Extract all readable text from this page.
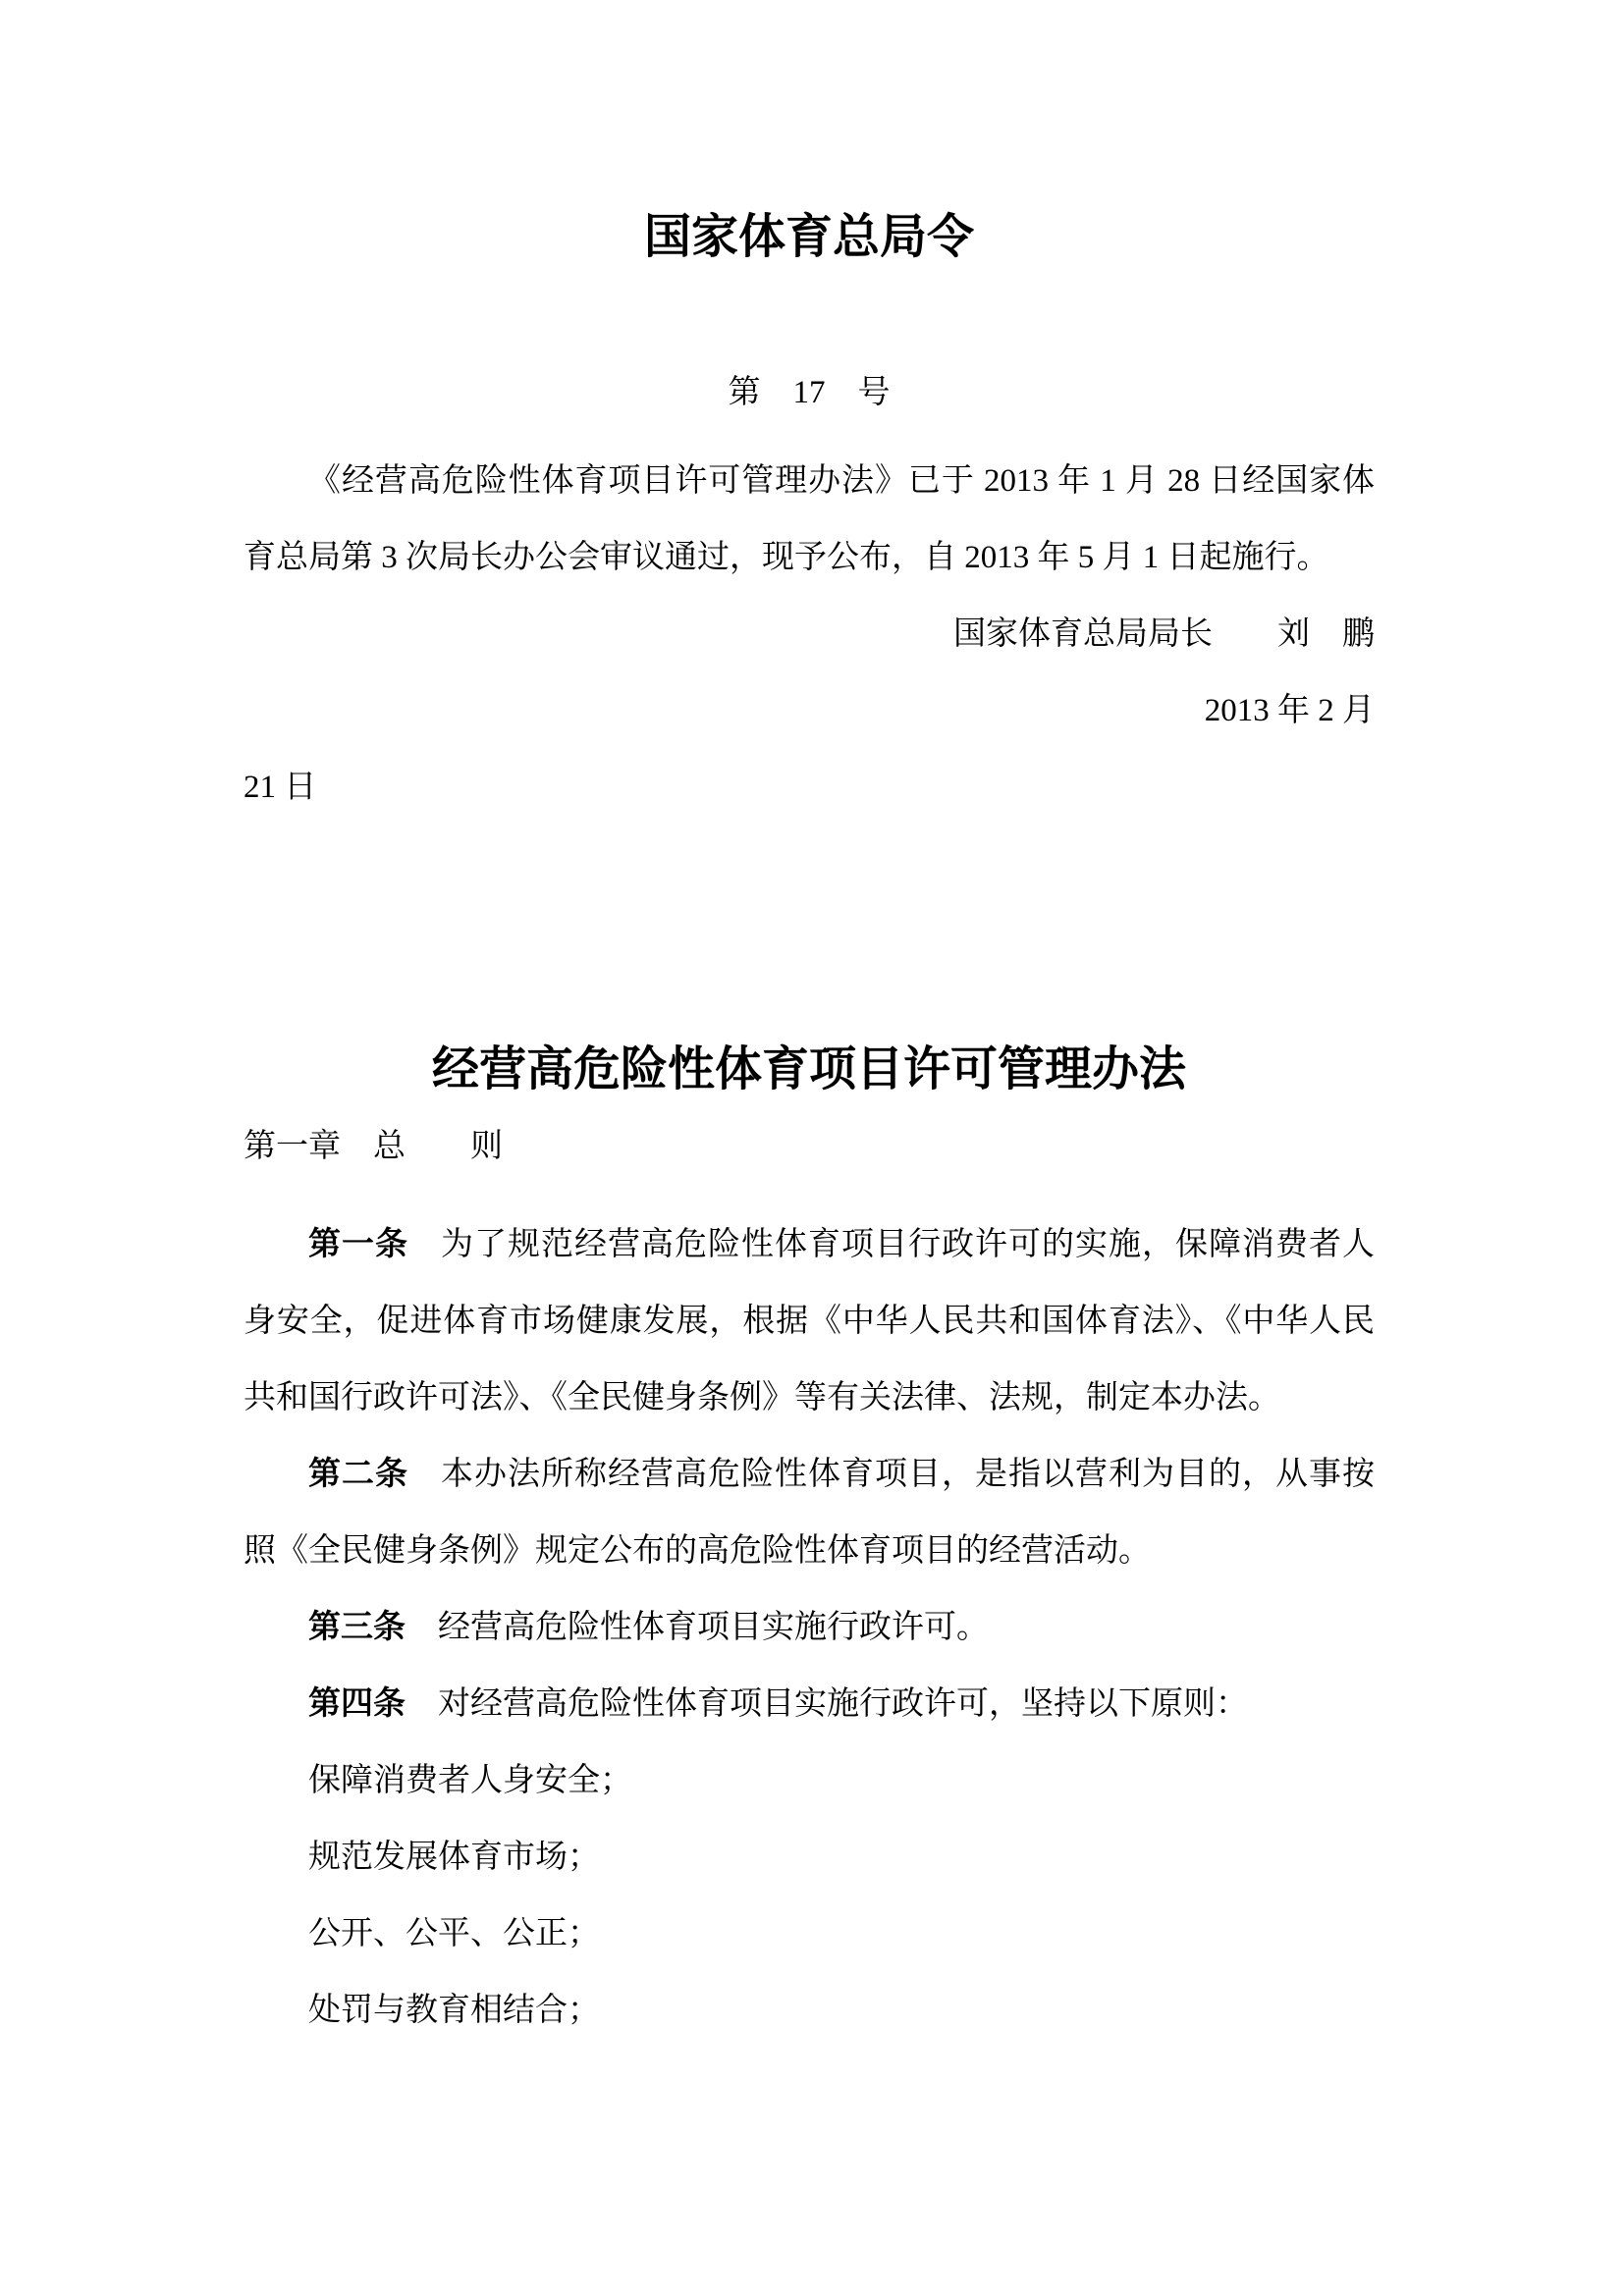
国家体育总局令

第　17　号

《经营高危险性体育项目许可管理办法》已于 2013 年 1 月 28 日经国家体育总局第 3 次局长办公会审议通过，现予公布，自 2013 年 5 月 1 日起施行。

国家体育总局局长　　刘　鹏

2013 年 2 月

21 日

经营高危险性体育项目许可管理办法

第一章　总　　则

第一条 为了规范经营高危险性体育项目行政许可的实施，保障消费者人身安全，促进体育市场健康发展，根据《中华人民共和国体育法》、《中华人民共和国行政许可法》、《全民健身条例》等有关法律、法规，制定本办法。

第二条 本办法所称经营高危险性体育项目，是指以营利为目的，从事按照《全民健身条例》规定公布的高危险性体育项目的经营活动。

第三条 经营高危险性体育项目实施行政许可。

第四条 对经营高危险性体育项目实施行政许可，坚持以下原则：

保障消费者人身安全；

规范发展体育市场；

公开、公平、公正；

处罚与教育相结合；
